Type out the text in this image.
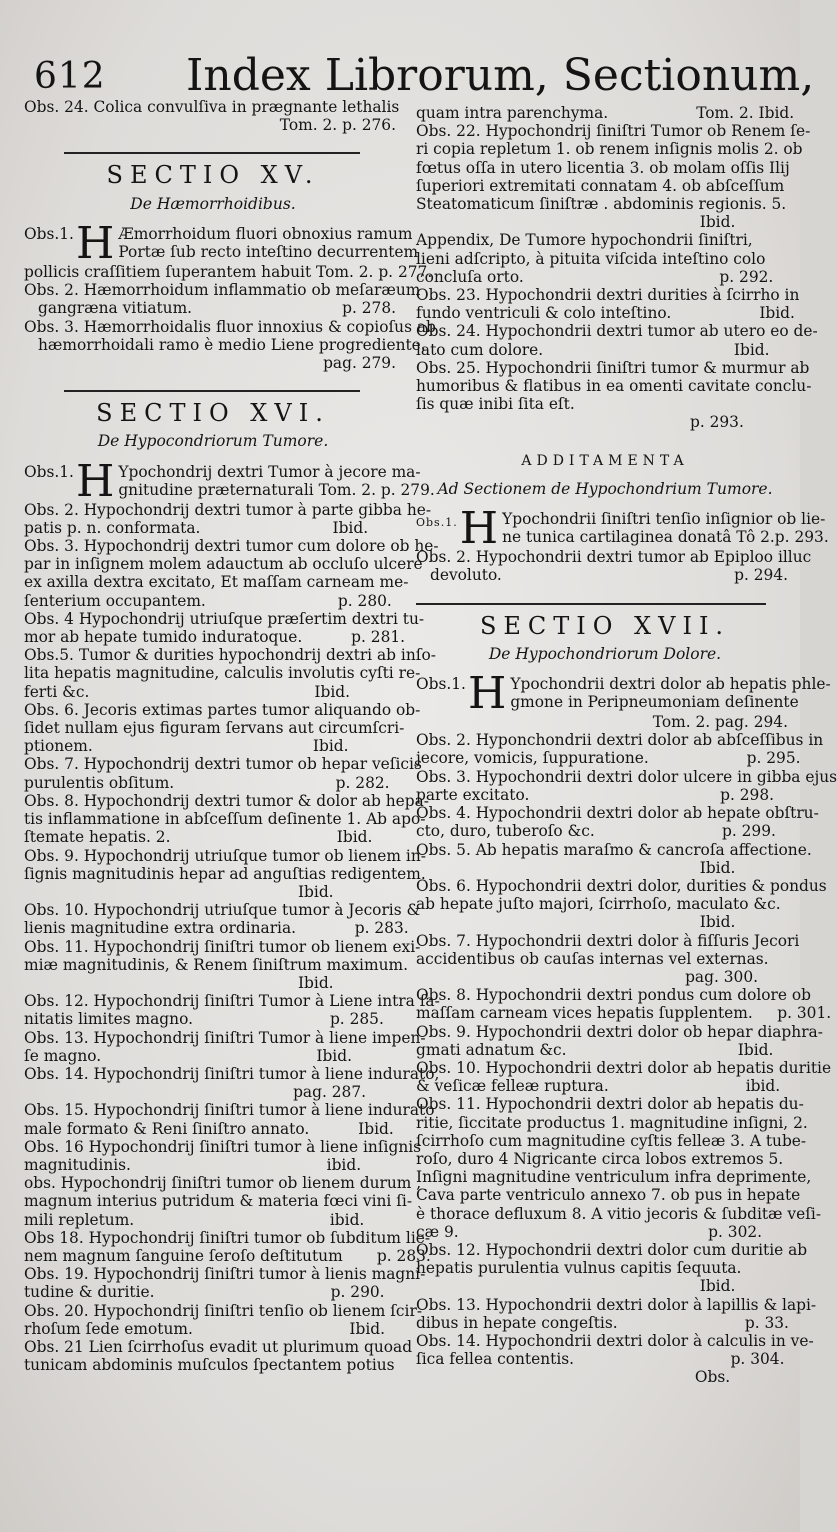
612 Index Librorum, Sectionum,
Obs. 24. Colica convulſiva in prægnante lethalis
Tom. 2. p. 276.
SECTIO XV.
De Hæmorrhoidibus.
Obs.1. H Æmorrhoidum fluori obnoxius ramum
Portæ ſub recto inteſtino decurrentem
pollicis craſſitiem ſuperantem habuit Tom. 2. p. 277.
Obs. 2. Hæmorrhoidum inflammatio ob meſaræum
gangræna vitiatum.	p. 278.
Obs. 3. Hæmorrhoidalis fluor innoxius & copioſus ab
hæmorrhoidali ramo è medio Liene progrediente.
pag. 279.
SECTIO XVI.
De Hypocondriorum Tumore.
Obs.1. H Ypochondrij dextri Tumor à jecore ma-
gnitudine præternaturali Tom. 2. p. 279.
Obs. 2. Hypochondrij dextri tumor à parte gibba he-
patis p. n. conformata.                           Ibid.
Obs. 3. Hypochondrij dextri tumor cum dolore ob he-
par in inſignem molem adauctum ab occluſo ulcere
ex axilla dextra excitato, Et maſſam carneam me-
ſenterium occupantem.                           p. 280.
Obs. 4 Hypochondrij utriuſque præſertim dextri tu-
mor ab hepate tumido induratoque.          p. 281.
Obs.5. Tumor & durities hypochondrij dextri ab inſo-
lita hepatis magnitudine, calculis involutis cyſti re-
ferti &c.                                              Ibid.
Obs. 6. Jecoris extimas partes tumor aliquando ob-
ſidet nullam ejus figuram ſervans aut circumſcri-
ptionem.                                             Ibid.
Obs. 7. Hypochondrij dextri tumor ob hepar veſicis
purulentis obſitum.                                 p. 282.
Obs. 8. Hypochondrij dextri tumor & dolor ab hepa-
tis inflammatione in abſceſſum deſinente 1. Ab apo-
ſtemate hepatis. 2.                                  Ibid.
Obs. 9. Hypochondrij utriuſque tumor ob lienem in-
ſignis magnitudinis hepar ad anguſtias redigentem.
Ibid.
Obs. 10. Hypochondrij utriuſque tumor à Jecoris &
lienis magnitudine extra ordinaria.            p. 283.
Obs. 11. Hypochondrij ſiniſtri tumor ob lienem exi-
miæ magnitudinis, & Renem ſiniſtrum maximum.
Ibid.
Obs. 12. Hypochondrij ſiniſtri Tumor à Liene intra ſa-
nitatis limites magno.                            p. 285.
Obs. 13. Hypochondrij ſiniſtri Tumor à liene impen-
ſe magno.                                            Ibid.
Obs. 14. Hypochondrij ſiniſtri tumor à liene indurato,
pag. 287.
Obs. 15. Hypochondrij ſiniſtri tumor à liene indurato
male formato & Reni ſiniſtro annato.          Ibid.
Obs. 16 Hypochondrij ſiniſtri tumor à liene inſignis
magnitudinis.                                        ibid.
obs. Hypochondrij ſiniſtri tumor ob lienem durum ,
magnum interius putridum & materia fœci vini ſi-
mili repletum.                                        ibid.
Obs 18. Hypochondrij ſiniſtri tumor ob ſubditum lie-
nem magnum ſanguine ſeroſo deſtitutum       p. 283.
Obs. 19. Hypochondrij ſiniſtri tumor à lienis magni-
tudine & duritie.                                    p. 290.
Obs. 20. Hypochondrij ſiniſtri tenſio ob lienem ſcir-
rhoſum ſede emotum.                                Ibid.
Obs. 21 Lien ſcirrhoſus evadit ut plurimum quoad
tunicam abdominis muſculos ſpectantem potius
quam intra parenchyma.                  Tom. 2. Ibid.
Obs. 22. Hypochondrij ſiniſtri Tumor ob Renem ſe-
ri copia repletum 1. ob renem inſignis molis 2. ob
fœtus oſſa in utero licentia 3. ob molam oſſis Ilij
ſuperiori extremitati connatam 4. ob abſceſſum
Steatomaticum ſiniſtræ . abdominis regionis. 5.
Ibid.
Appendix, De Tumore hypochondrii ſiniſtri,
lieni adſcripto, à pituita viſcida inteſtino colo
concluſa orto.                                        p. 292.
Obs. 23. Hypochondrii dextri durities à ſcirrho in
fundo ventriculi & colo inteſtino.                  Ibid.
Obs. 24. Hypochondrii dextri tumor ab utero eo de-
lato cum dolore.                                       Ibid.
Obs. 25. Hypochondrii ſiniſtri tumor & murmur ab
humoribus & flatibus in ea omenti cavitate conclu-
ſis quæ inibi ſita eſt.
p. 293.
ADDITAMENTA
Ad Sectionem de Hypochondrium Tumore.
Obs.1. H Ypochondrii ſiniſtri tenſio inſignior ob lie-
ne tunica cartilaginea donatâ Tô 2.p. 293.
Obs. 2. Hypochondrii dextri tumor ab Epiploo illuc
devoluto.	p. 294.
SECTIO XVII.
De Hypochondriorum Dolore.
Obs.1. H Ypochondrii dextri dolor ab hepatis phle-
gmone in Peripneumoniam deſinente
Tom. 2. pag. 294.
Obs. 2. Hyponchondrii dextri dolor ab abſceſſibus in
jecore, vomicis, ſuppuratione.                    p. 295.
Obs. 3. Hypochondrii dextri dolor ulcere in gibba ejus
parte excitato.                                       p. 298.
Obs. 4. Hypochondrii dextri dolor ab hepate obſtru-
cto, duro, tuberoſo &c.                          p. 299.
Obs. 5. Ab hepatis maraſmo & cancroſa affectione.
Ibid.
Obs. 6. Hypochondrii dextri dolor, durities & pondus
ab hepate juſto majori, ſcirrhoſo, maculato &c.
Ibid.
Obs. 7. Hypochondrii dextri dolor à fiſſuris Jecori
accidentibus ob cauſas internas vel externas.
pag. 300.
Obs. 8. Hypochondrii dextri pondus cum dolore ob
maſſam carneam vices hepatis ſupplentem.     p. 301.
Obs. 9. Hypochondrii dextri dolor ob hepar diaphra-
gmati adnatum &c.                                   Ibid.
Obs. 10. Hypochondrii dextri dolor ab hepatis duritie
& veſicæ felleæ ruptura.                            ibid.
Obs. 11. Hypochondrii dextri dolor ab hepatis du-
ritie, ſiccitate productus 1. magnitudine inſigni, 2.
ſcirrhoſo cum magnitudine cyſtis felleæ 3. A tube-
roſo, duro 4 Nigricante circa lobos extremos 5.
Inſigni magnitudine ventriculum infra deprimente,
Cava parte ventriculo annexo 7. ob pus in hepate
è thorace defluxum 8. A vitio jecoris & ſubditæ veſi-
cæ 9.                                                   p. 302.
Obs. 12. Hypochondrii dextri dolor cum duritie ab
hepatis purulentia vulnus capitis ſequuta.
Ibid.
Obs. 13. Hypochondrii dextri dolor à lapillis & lapi-
dibus in hepate congeſtis.                          p. 33.
Obs. 14. Hypochondrii dextri dolor à calculis in ve-
ſica fellea contentis.                                p. 304.
Obs.
